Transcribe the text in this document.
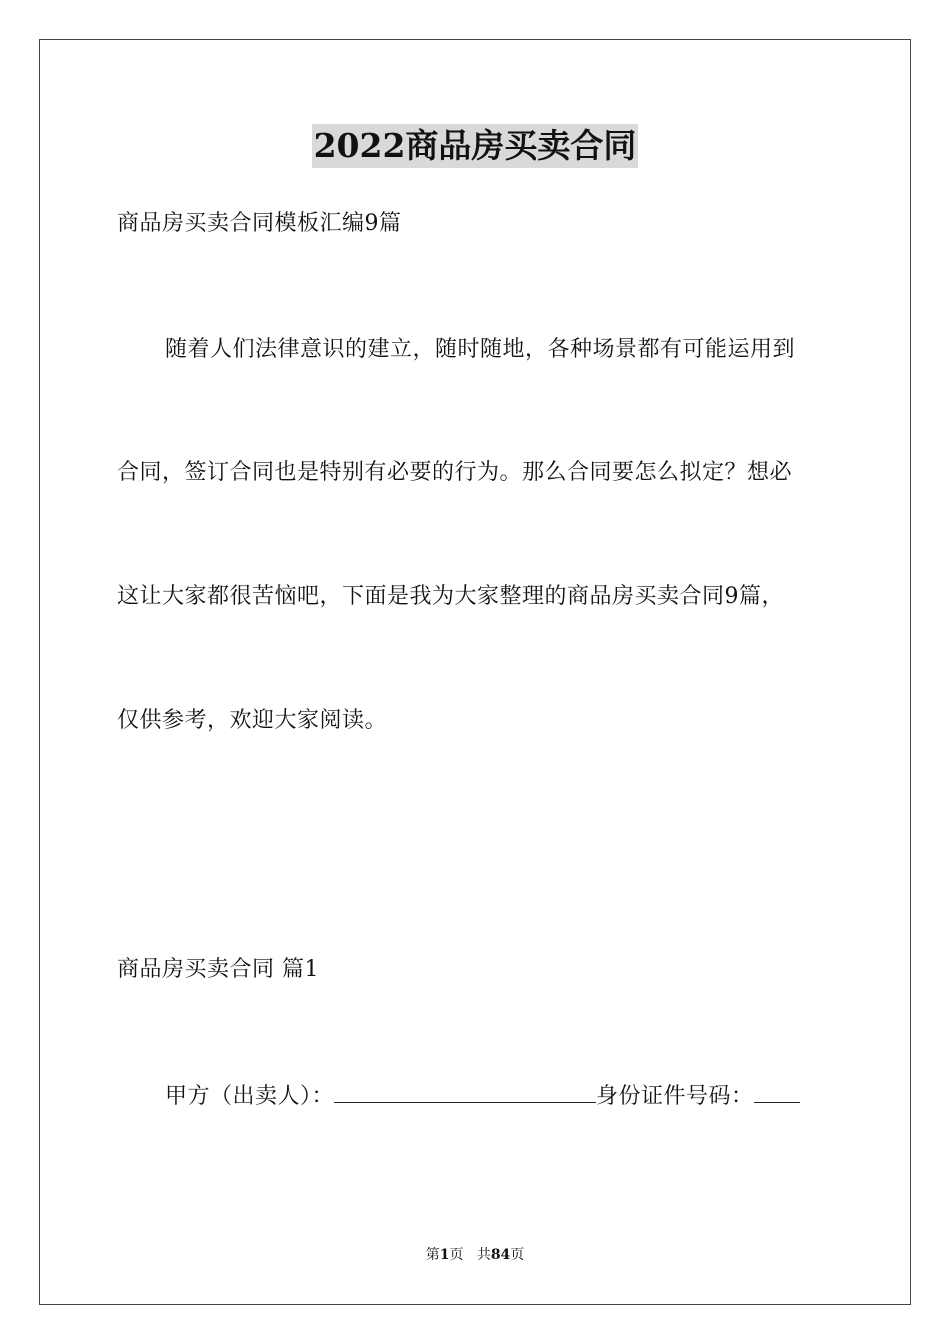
2022商品房买卖合同
商品房买卖合同模板汇编9篇
随着人们法律意识的建立，随时随地，各种场景都有可能运用到
合同，签订合同也是特别有必要的行为。那么合同要怎么拟定？想必
这让大家都很苦恼吧，下面是我为大家整理的商品房买卖合同9篇，
仅供参考，欢迎大家阅读。
商品房买卖合同 篇1
甲方（出卖人）：	身份证件号码：
第1页 共84页
